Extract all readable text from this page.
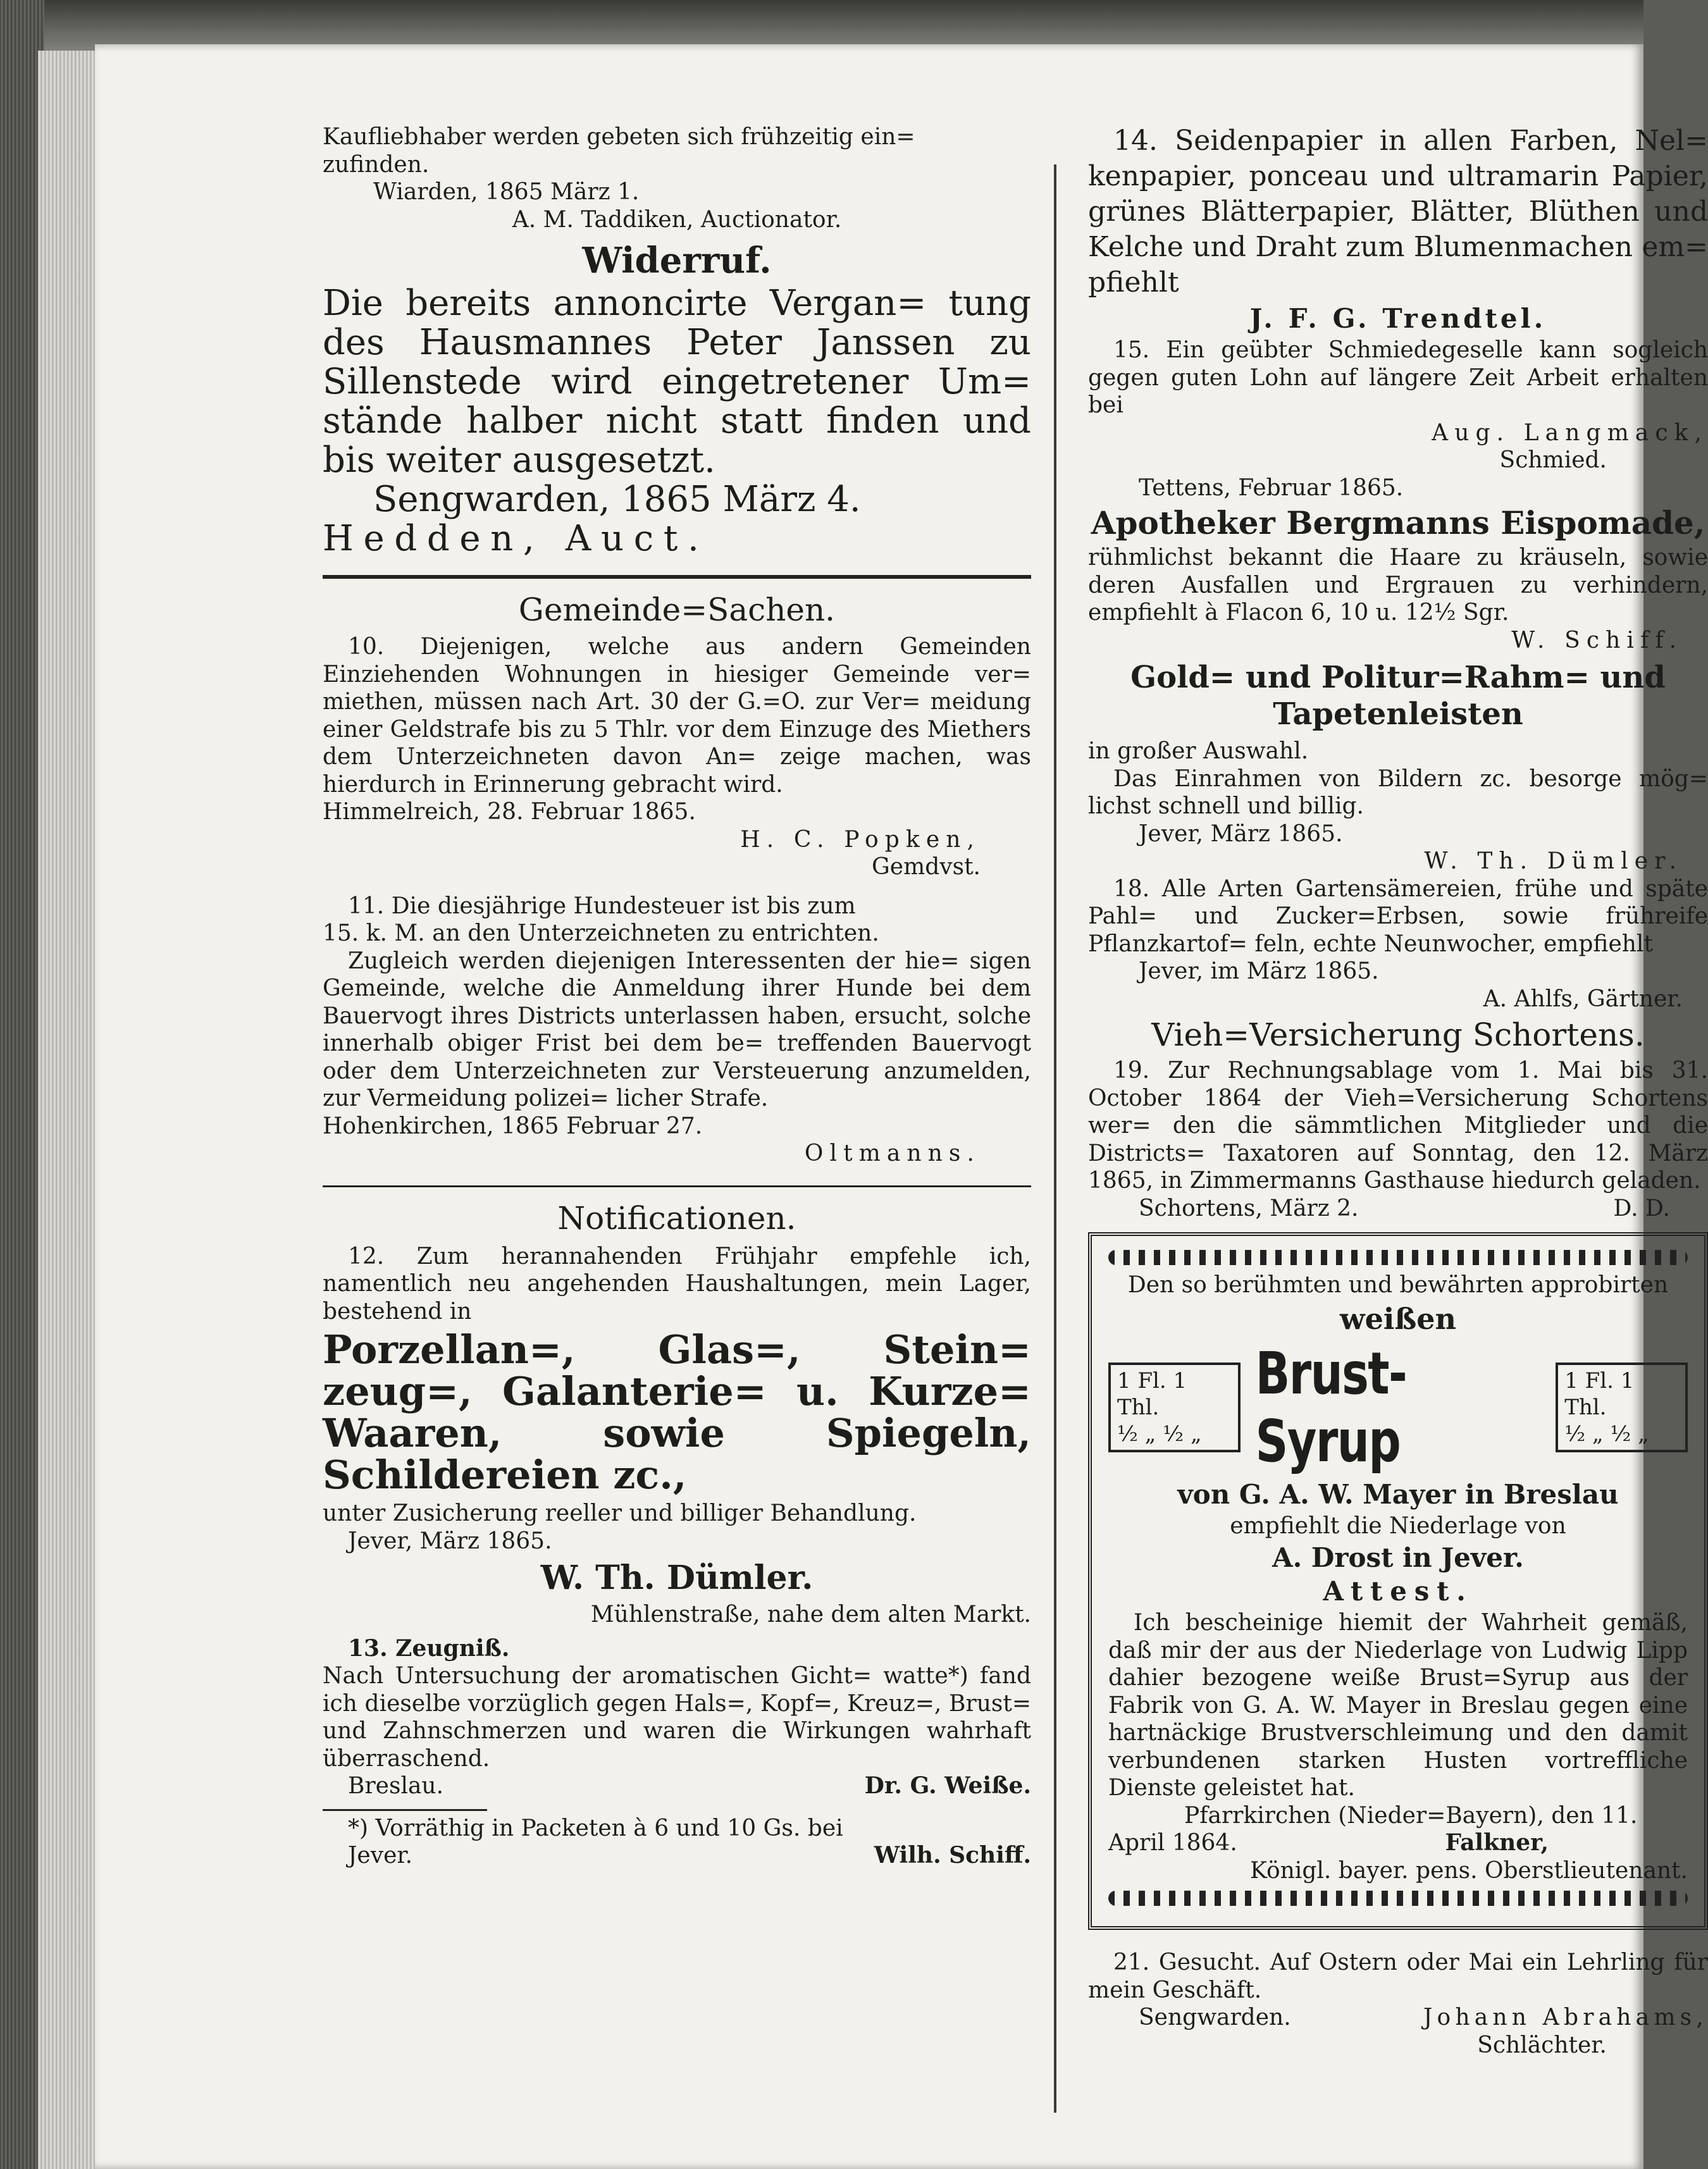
Kaufliebhaber werden gebeten sich frühzeitig ein=
zufinden.

Wiarden, 1865 März 1.

A. M. Taddiken, Auctionator.

Widerruf.

Die bereits annoncirte Vergan= tung des Hausmannes Peter Janssen zu Sillenstede wird eingetretener Um= stände halber nicht statt finden und bis weiter ausgesetzt.

Sengwarden, 1865 März 4.

Hedden, Auct.

Gemeinde=Sachen.

10. Diejenigen, welche aus andern Gemeinden Einziehenden Wohnungen in hiesiger Gemeinde ver= miethen, müssen nach Art. 30 der G.=O. zur Ver= meidung einer Geldstrafe bis zu 5 Thlr. vor dem Einzuge des Miethers dem Unterzeichneten davon An= zeige machen, was hierdurch in Erinnerung gebracht wird.

Himmelreich, 28. Februar 1865.

H. C. Popken,

Gemdvst.

11. Die diesjährige Hundesteuer ist bis zum

15. k. M. an den Unterzeichneten zu entrichten.

Zugleich werden diejenigen Interessenten der hie= sigen Gemeinde, welche die Anmeldung ihrer Hunde bei dem Bauervogt ihres Districts unterlassen haben, ersucht, solche innerhalb obiger Frist bei dem be= treffenden Bauervogt oder dem Unterzeichneten zur Versteuerung anzumelden, zur Vermeidung polizei= licher Strafe.

Hohenkirchen, 1865 Februar 27.

Oltmanns.

Notificationen.

12. Zum herannahenden Frühjahr empfehle ich, namentlich neu angehenden Haushaltungen, mein Lager, bestehend in

Porzellan=, Glas=, Stein= zeug=, Galanterie= u. Kurze= Waaren, sowie Spiegeln, Schildereien zc.,

unter Zusicherung reeller und billiger Behandlung.

Jever, März 1865.

W. Th. Dümler.

Mühlenstraße, nahe dem alten Markt.

13. Zeugniß.

Nach Untersuchung der aromatischen Gicht= watte*) fand ich dieselbe vorzüglich gegen Hals=, Kopf=, Kreuz=, Brust= und Zahnschmerzen und waren die Wirkungen wahrhaft überraschend.

Breslau.	Dr. G. Weiße.

*) Vorräthig in Packeten à 6 und 10 Gs. bei

Jever.	Wilh. Schiff.

14. Seidenpapier in allen Farben, Nel= kenpapier, ponceau und ultramarin Papier, grünes Blätterpapier, Blätter, Blüthen und Kelche und Draht zum Blumenmachen em= pfiehlt

J. F. G. Trendtel.

15. Ein geübter Schmiedegeselle kann sogleich gegen guten Lohn auf längere Zeit Arbeit erhalten bei

Aug. Langmack,

Schmied.

Tettens, Februar 1865.

Apotheker Bergmanns Eispomade,

rühmlichst bekannt die Haare zu kräuseln, sowie deren Ausfallen und Ergrauen zu verhindern, empfiehlt à Flacon 6, 10 u. 12½ Sgr.

W. Schiff.

Gold= und Politur=Rahm= und Tapetenleisten

in großer Auswahl.

Das Einrahmen von Bildern zc. besorge mög= lichst schnell und billig.

Jever, März 1865.

W. Th. Dümler.

18. Alle Arten Gartensämereien, frühe und späte Pahl= und Zucker=Erbsen, sowie frühreife Pflanzkartof= feln, echte Neunwocher, empfiehlt

Jever, im März 1865.

A. Ahlfs, Gärtner.

Vieh=Versicherung Schortens.

19. Zur Rechnungsablage vom 1. Mai bis 31. October 1864 der Vieh=Versicherung Schortens wer= den die sämmtlichen Mitglieder und die Districts= Taxatoren auf Sonntag, den 12. März 1865, in Zimmermanns Gasthause hiedurch geladen.

Schortens, März 2.	D. D.

Den so berühmten und bewährten approbirten

weißen

1 Fl. 1 Thl.
½ „ ½ „
Brust-Syrup
1 Fl. 1 Thl.
½ „ ½ „

von G. A. W. Mayer in Breslau

empfiehlt die Niederlage von

A. Drost in Jever.

Attest.

Ich bescheinige hiemit der Wahrheit gemäß, daß mir der aus der Niederlage von Ludwig Lipp dahier bezogene weiße Brust=Syrup aus der Fabrik von G. A. W. Mayer in Breslau gegen eine hartnäckige Brustverschleimung und den damit verbundenen starken Husten vortreffliche Dienste geleistet hat.

Pfarrkirchen (Nieder=Bayern), den 11.

April 1864.	Falkner,

Königl. bayer. pens. Oberstlieutenant.

21. Gesucht. Auf Ostern oder Mai ein Lehrling für mein Geschäft.

Sengwarden.	Johann Abrahams,

Schlächter.
